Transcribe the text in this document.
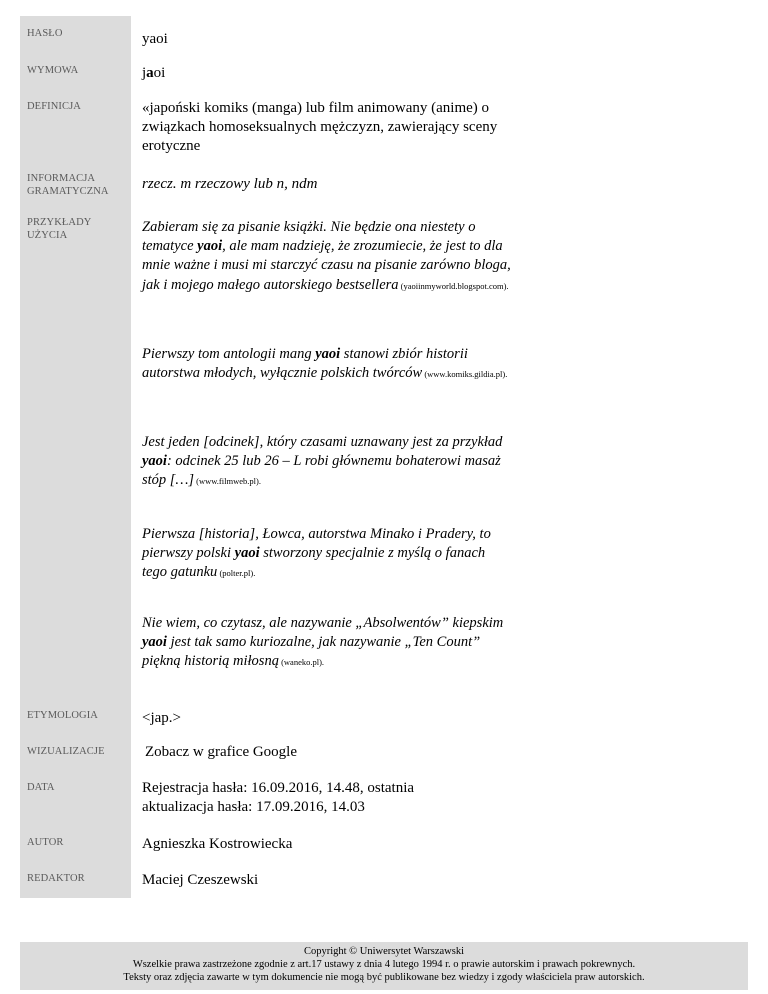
HASŁO	yaoi
WYMOWA	jaoi
DEFINICJA	«japoński komiks (manga) lub film animowany (anime) o związkach homoseksualnych mężczyzn, zawierający sceny erotyczne
INFORMACJA
GRAMATYCZNA	rzecz. m rzeczowy lub n, ndm
PRZYKŁADY
UŻYCIA
Zabieram się za pisanie książki. Nie będzie ona niestety o tematyce yaoi, ale mam nadzieję, że zrozumiecie, że jest to dla mnie ważne i musi mi starczyć czasu na pisanie zarówno bloga, jak i mojego małego autorskiego bestsellera (yaoiinmyworld.blogspot.com).
Pierwszy tom antologii mang yaoi stanowi zbiór historii autorstwa młodych, wyłącznie polskich twórców (www.komiks.gildia.pl).
Jest jeden [odcinek], który czasami uznawany jest za przykład yaoi: odcinek 25 lub 26 – L robi głównemu bohaterowi masaż stóp […] (www.filmweb.pl).
Pierwsza [historia], Łowca, autorstwa Minako i Pradery, to pierwszy polski yaoi stworzony specjalnie z myślą o fanach tego gatunku (polter.pl).
Nie wiem, co czytasz, ale nazywanie „Absolwentów” kiepskim yaoi jest tak samo kuriozalne, jak nazywanie „Ten Count” piękną historią miłosną (waneko.pl).
ETYMOLOGIA	<jap.>
WIZUALIZACJE	Zobacz w grafice Google
DATA	Rejestracja hasła: 16.09.2016, 14.48, ostatnia
aktualizacja hasła: 17.09.2016, 14.03
AUTOR	Agnieszka Kostrowiecka
REDAKTOR	Maciej Czeszewski
Copyright © Uniwersytet Warszawski
Wszelkie prawa zastrzeżone zgodnie z art.17 ustawy z dnia 4 lutego 1994 r. o prawie autorskim i prawach pokrewnych.
Teksty oraz zdjęcia zawarte w tym dokumencie nie mogą być publikowane bez wiedzy i zgody właściciela praw autorskich.
